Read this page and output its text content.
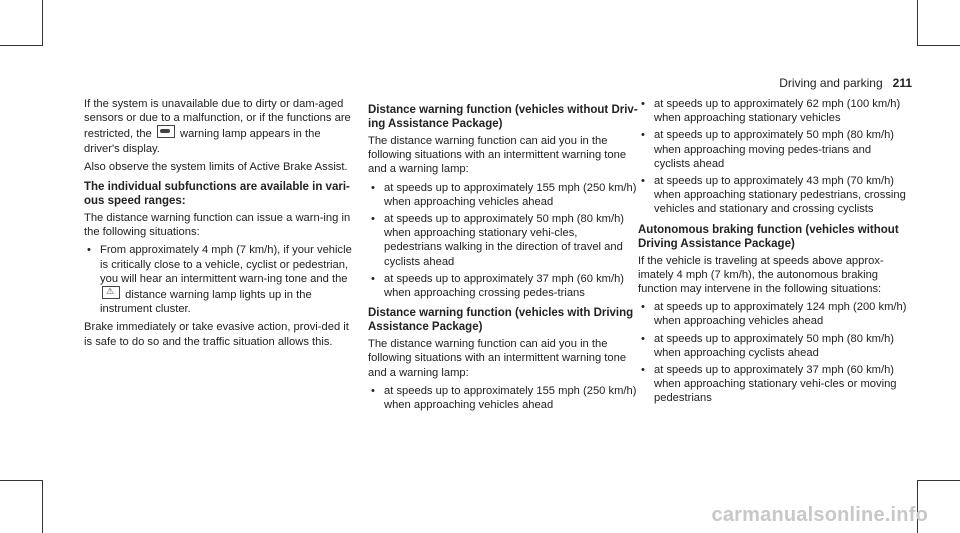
Driving and parking 211

If the system is unavailable due to dirty or dam-aged sensors or due to a malfunction, or if the functions are restricted, the	warning lamp appears in the driver's display.

Also observe the system limits of Active Brake Assist.

The individual subfunctions are available in vari-ous speed ranges:

The distance warning function can issue a warn-ing in the following situations:

• From approximately 4 mph (7 km/h), if your vehicle is critically close to a vehicle, cyclist or pedestrian, you will hear an intermittent warn-ing tone and the ⚠ distance warning lamp lights up in the instrument cluster.

Brake immediately or take evasive action, provi-ded it is safe to do so and the traffic situation allows this.

Distance warning function (vehicles without Driv-ing Assistance Package)

The distance warning function can aid you in the following situations with an intermittent warning tone and a warning lamp:

• at speeds up to approximately 155 mph (250 km/h) when approaching vehicles ahead
• at speeds up to approximately 50 mph (80 km/h) when approaching stationary vehi-cles, pedestrians walking in the direction of travel and cyclists ahead
• at speeds up to approximately 37 mph (60 km/h) when approaching crossing pedes-trians
Distance warning function (vehicles with Driving Assistance Package)

The distance warning function can aid you in the following situations with an intermittent warning tone and a warning lamp:

• at speeds up to approximately 155 mph (250 km/h) when approaching vehicles ahead
• at speeds up to approximately 62 mph (100 km/h) when approaching stationary vehicles
• at speeds up to approximately 50 mph (80 km/h) when approaching moving pedes-trians and cyclists ahead
• at speeds up to approximately 43 mph (70 km/h) when approaching stationary pedestrians, crossing vehicles and stationary and crossing cyclists
Autonomous braking function (vehicles without Driving Assistance Package)

If the vehicle is traveling at speeds above approx-imately 4 mph (7 km/h), the autonomous braking function may intervene in the following situations:

• at speeds up to approximately 124 mph (200 km/h) when approaching vehicles ahead
• at speeds up to approximately 50 mph (80 km/h) when approaching cyclists ahead
• at speeds up to approximately 37 mph (60 km/h) when approaching stationary vehi-cles or moving pedestrians
carmanualsonline.info
